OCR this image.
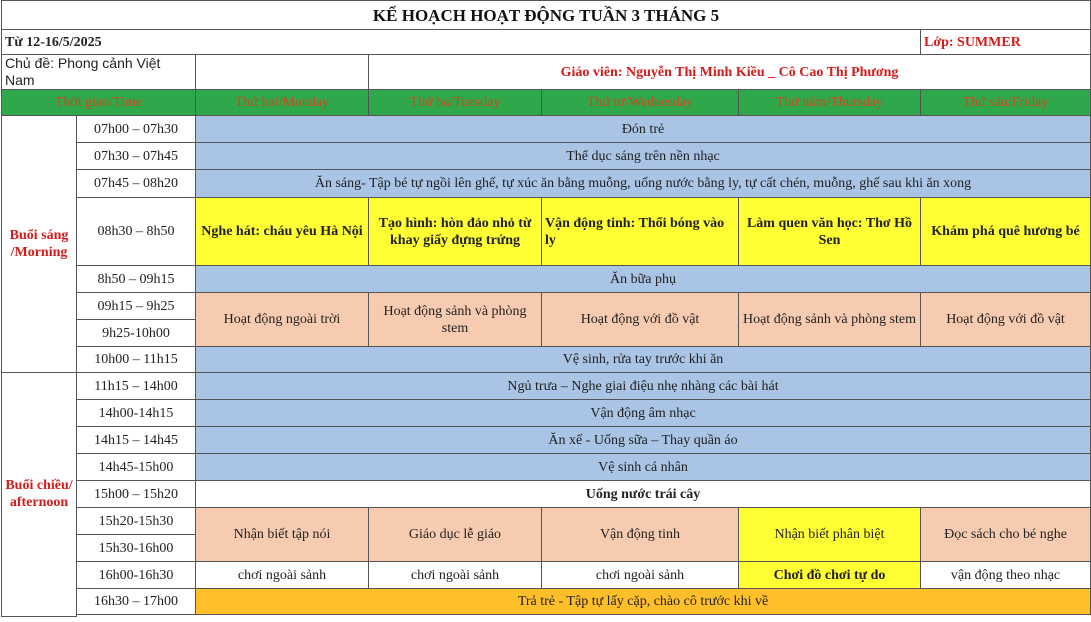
KẾ HOẠCH HOẠT ĐỘNG TUẦN 3 THÁNG 5						
Từ 12-16/5/2025						Lớp: SUMMER
Chủ đề: Phong cảnh Việt Nam			Giáo viên: Nguyễn Thị Minh Kiều _ Cô Cao Thị Phương			
Thời gian/Time		Thứ hai/Monday	Thứ ba/Tuesday	Thứ tư/Wednesday	Thứ năm/Thursday	Thứ sáu/Friday
Buổi sáng /Morning	07h00 – 07h30	Đón trẻ				
	07h30 – 07h45	Thể dục sáng trên nền nhạc				
	07h45 – 08h20	Ăn sáng- Tập bé tự ngồi lên ghế, tự xúc ăn bằng muỗng, uống nước bằng ly, tự cất chén, muỗng, ghế sau khi ăn xong				
	08h30 – 8h50	Nghe hát: cháu yêu Hà Nội	Tạo hình: hòn đảo nhỏ từ khay giấy đựng trứng	Vận động tinh: Thổi bóng vào ly	Làm quen văn học: Thơ Hồ Sen	Khám phá quê hương bé
	8h50 – 09h15	Ăn bữa phụ				
	09h15 – 9h25	Hoạt động ngoài trời	Hoạt động sảnh và phòng stem	Hoạt động với đồ vật	Hoạt động sảnh và phòng stem	Hoạt động với đồ vật
	9h25-10h00					
	10h00 – 11h15	Vệ sinh, rửa tay trước khi ăn				
Buổi chiều/ afternoon	11h15 – 14h00	Ngủ trưa – Nghe giai điệu nhẹ nhàng các bài hát				
	14h00-14h15	Vận động âm nhạc				
	14h15 – 14h45	Ăn xế - Uống sữa – Thay quần áo				
	14h45-15h00	Vệ sinh cá nhân				
	15h00 – 15h20	Uống nước trái cây				
	15h20-15h30	Nhận biết tập nói	Giáo dục lễ giáo	Vận động tinh	Nhận biết phân biệt	Đọc sách cho bé nghe
	15h30-16h00					
	16h00-16h30	chơi ngoài sảnh	chơi ngoài sảnh	chơi ngoài sảnh	Chơi đồ chơi tự do	vận động theo nhạc
	16h30 – 17h00	Trả trẻ - Tập tự lấy cặp, chào cô trước khi về				
